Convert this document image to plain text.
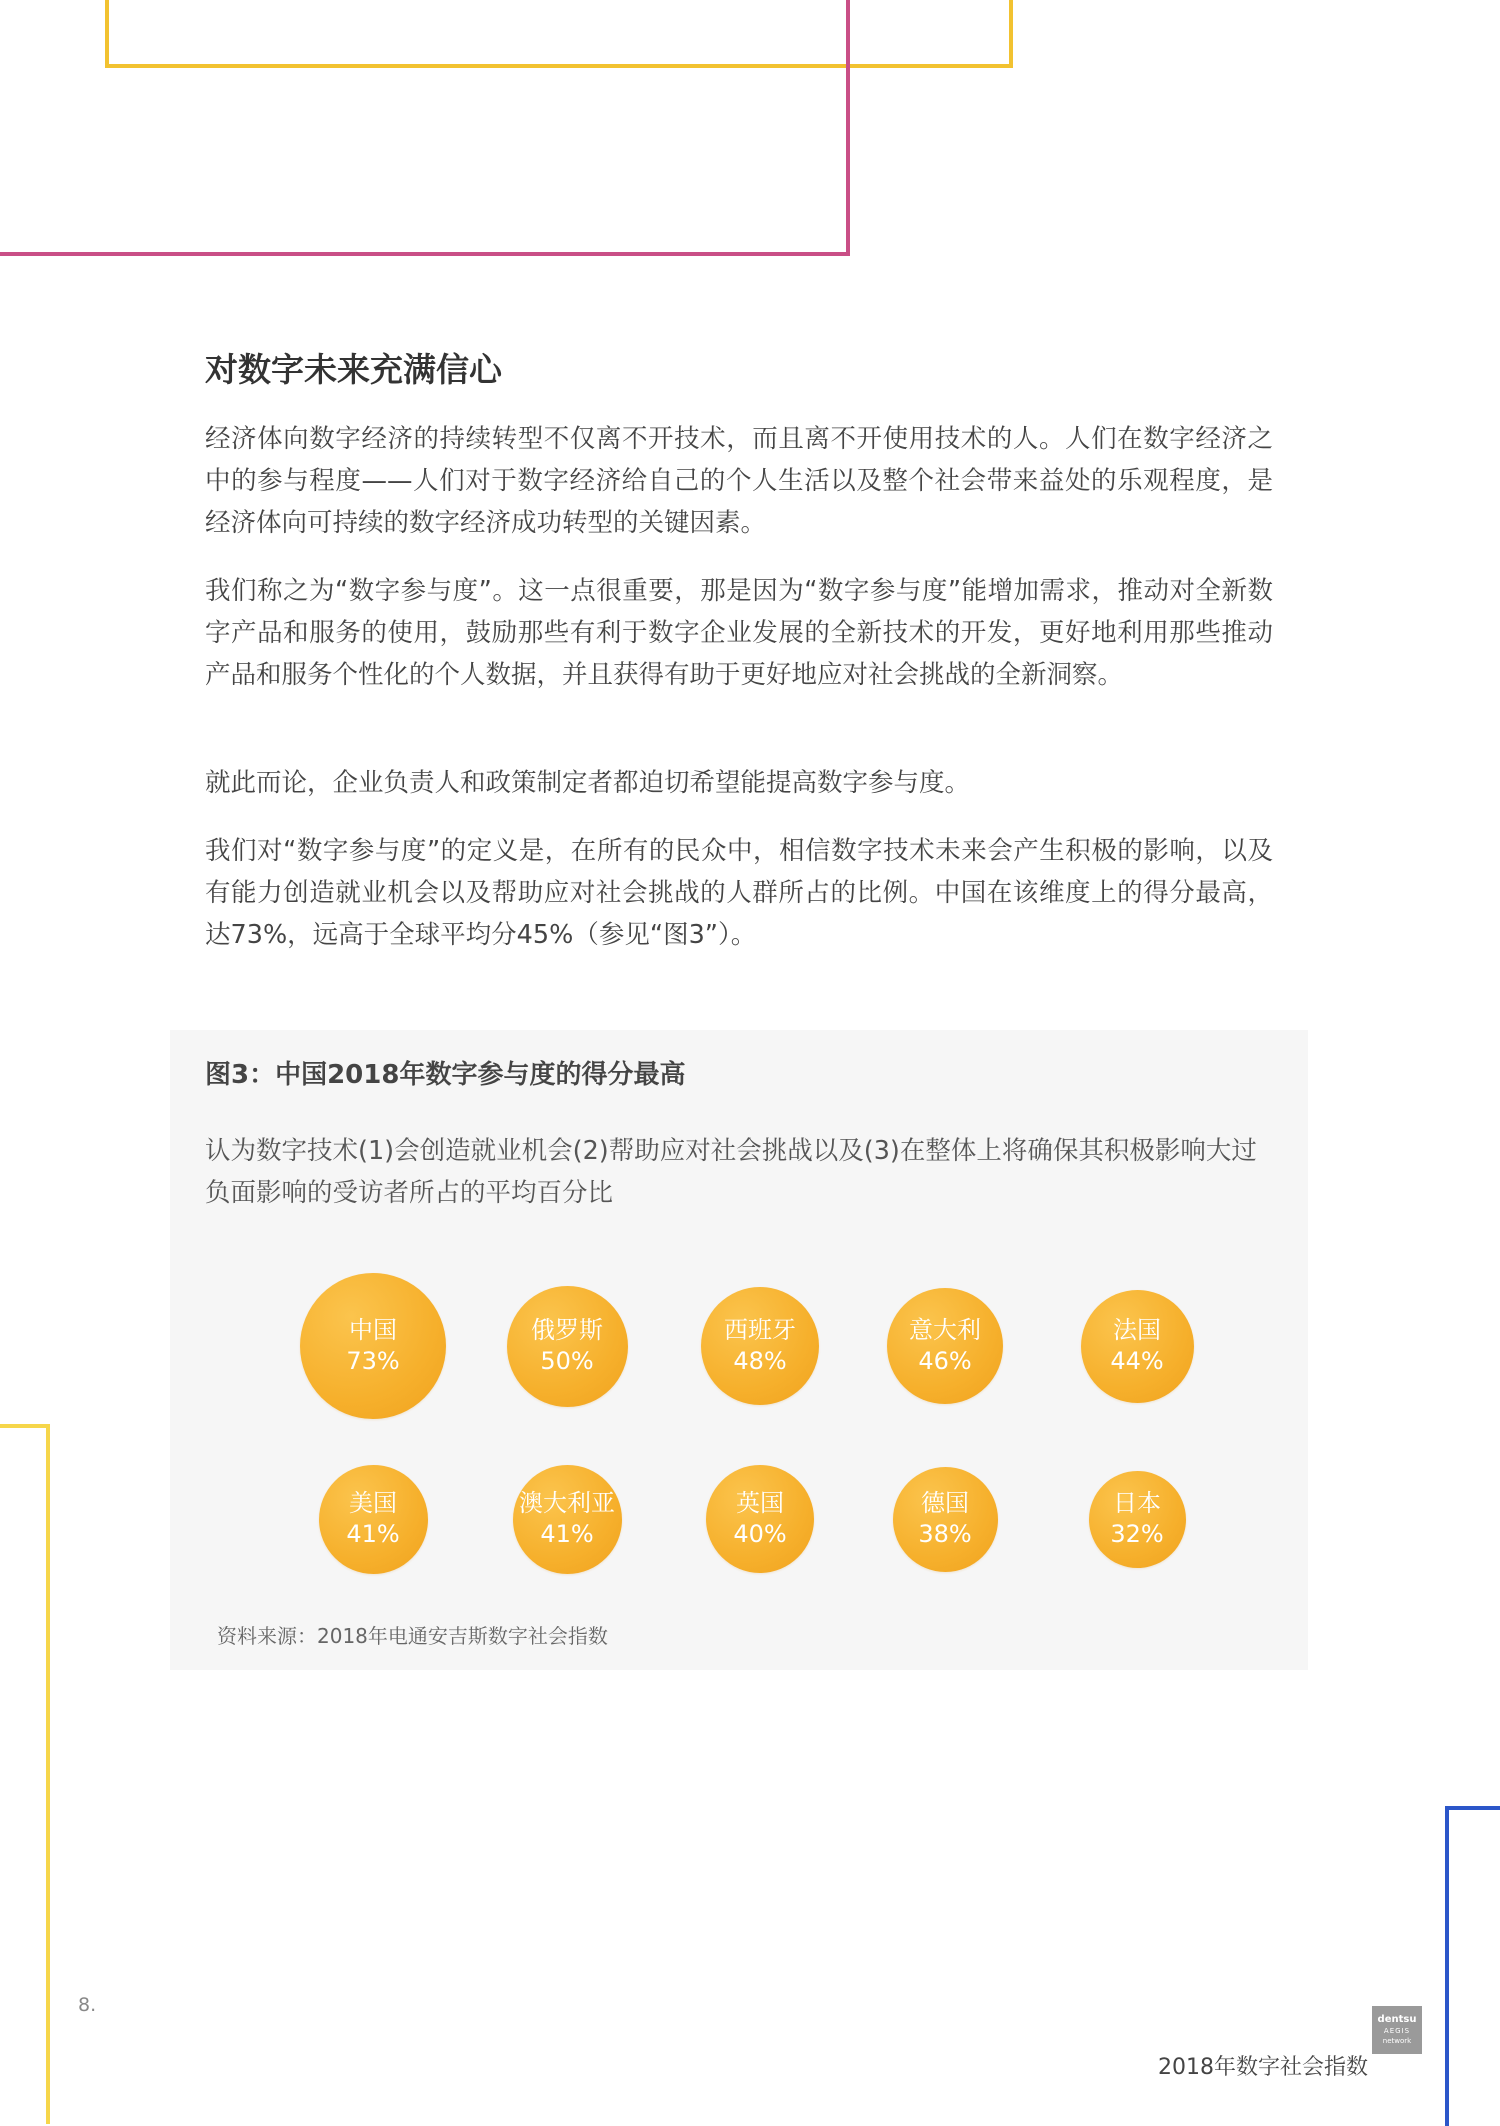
对数字未来充满信心

经济体向数字经济的持续转型不仅离不开技术，而且离不开使用技术的人。人们在数字经济之中的参与程度——人们对于数字经济给自己的个人生活以及整个社会带来益处的乐观程度，是经济体向可持续的数字经济成功转型的关键因素。

我们称之为“数字参与度”。这一点很重要，那是因为“数字参与度”能增加需求，推动对全新数字产品和服务的使用，鼓励那些有利于数字企业发展的全新技术的开发，更好地利用那些推动产品和服务个性化的个人数据，并且获得有助于更好地应对社会挑战的全新洞察。

就此而论，企业负责人和政策制定者都迫切希望能提高数字参与度。

我们对“数字参与度”的定义是，在所有的民众中，相信数字技术未来会产生积极的影响，以及有能力创造就业机会以及帮助应对社会挑战的人群所占的比例。中国在该维度上的得分最高，达73%，远高于全球平均分45%（参见“图3”）。

图3：中国2018年数字参与度的得分最高

认为数字技术(1)会创造就业机会(2)帮助应对社会挑战以及(3)在整体上将确保其积极影响大过负面影响的受访者所占的平均百分比

中国
73%
俄罗斯
50%
西班牙
48%
意大利
46%
法国
44%
美国
41%
澳大利亚
41%
英国
40%
德国
38%
日本
32%

资料来源：2018年电通安吉斯数字社会指数

8.
2018年数字社会指数
dentsu
AEGIS
network
